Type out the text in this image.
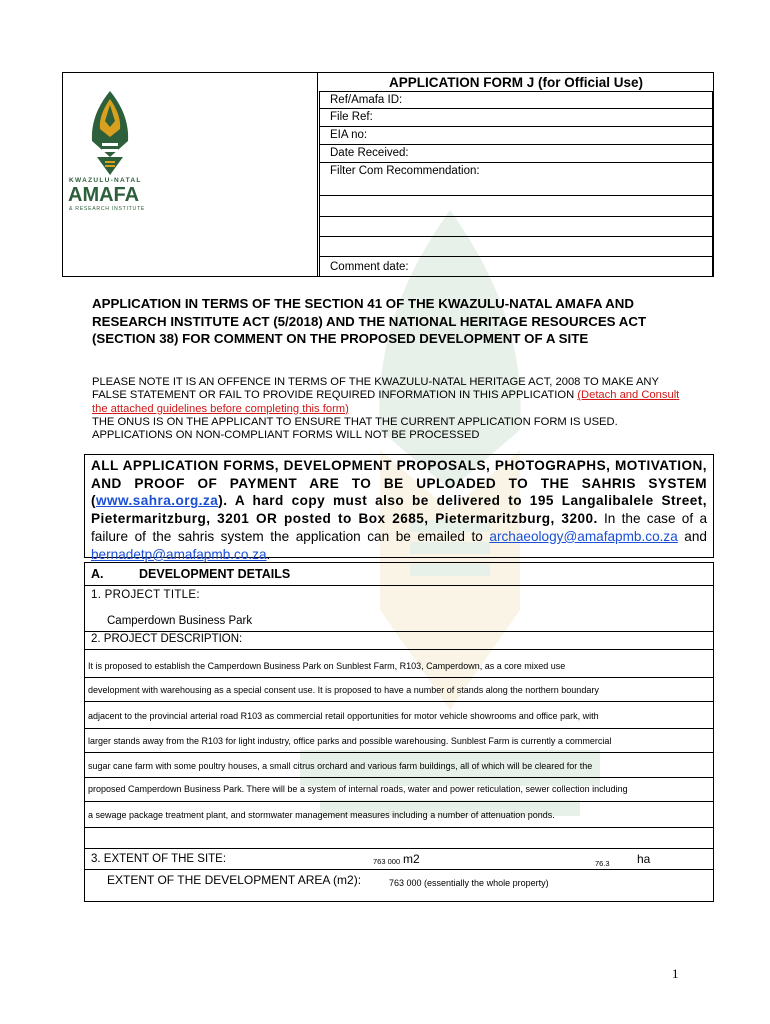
APPLICATION FORM J (for Official Use)
Ref/Amafa ID:
File Ref:
EIA no:
Date Received:
Filter Com Recommendation:
Comment date:
KWAZULU-NATAL
AMAFA
& RESEARCH INSTITUTE
APPLICATION IN TERMS OF THE SECTION 41 OF THE KWAZULU-NATAL AMAFA AND RESEARCH INSTITUTE ACT (5/2018) AND THE NATIONAL HERITAGE RESOURCES ACT (SECTION 38) FOR COMMENT ON THE PROPOSED DEVELOPMENT OF A SITE
PLEASE NOTE IT IS AN OFFENCE IN TERMS OF THE KWAZULU-NATAL HERITAGE ACT, 2008 TO MAKE ANY FALSE STATEMENT OR FAIL TO PROVIDE REQUIRED INFORMATION IN THIS APPLICATION (Detach and Consult the attached guidelines before completing this form)
THE ONUS IS ON THE APPLICANT TO ENSURE THAT THE CURRENT APPLICATION FORM IS USED. APPLICATIONS ON NON-COMPLIANT FORMS WILL NOT BE PROCESSED
ALL APPLICATION FORMS, DEVELOPMENT PROPOSALS, PHOTOGRAPHS, MOTIVATION, AND PROOF OF PAYMENT ARE TO BE UPLOADED TO THE SAHRIS SYSTEM (www.sahra.org.za). A hard copy must also be delivered to 195 Langalibalele Street, Pietermaritzburg, 3201 OR posted to Box 2685, Pietermaritzburg, 3200. In the case of a failure of the sahris system the application can be emailed to archaeology@amafapmb.co.za and bernadetp@amafapmb.co.za.
A.	DEVELOPMENT DETAILS
1. PROJECT TITLE:
Camperdown Business Park
2. PROJECT DESCRIPTION:
It is proposed to establish the Camperdown Business Park on Sunblest Farm, R103, Camperdown, as a core mixed use
development with warehousing as a special consent use. It is proposed to have a number of stands along the northern boundary
adjacent to the provincial arterial road R103 as commercial retail opportunities for motor vehicle showrooms and office park, with
larger stands away from the R103 for light industry, office parks and possible warehousing. Sunblest Farm is currently a commercial
sugar cane farm with some poultry houses, a small citrus orchard and various farm buildings, all of which will be cleared for the
proposed Camperdown Business Park. There will be a system of internal roads, water and power reticulation, sewer collection including
a sewage package treatment plant, and stormwater management measures including a number of attenuation ponds.
3. EXTENT OF THE SITE:	763 000 m2	76.3 ha
EXTENT OF THE DEVELOPMENT AREA (m2):	763 000 (essentially the whole property)
1
